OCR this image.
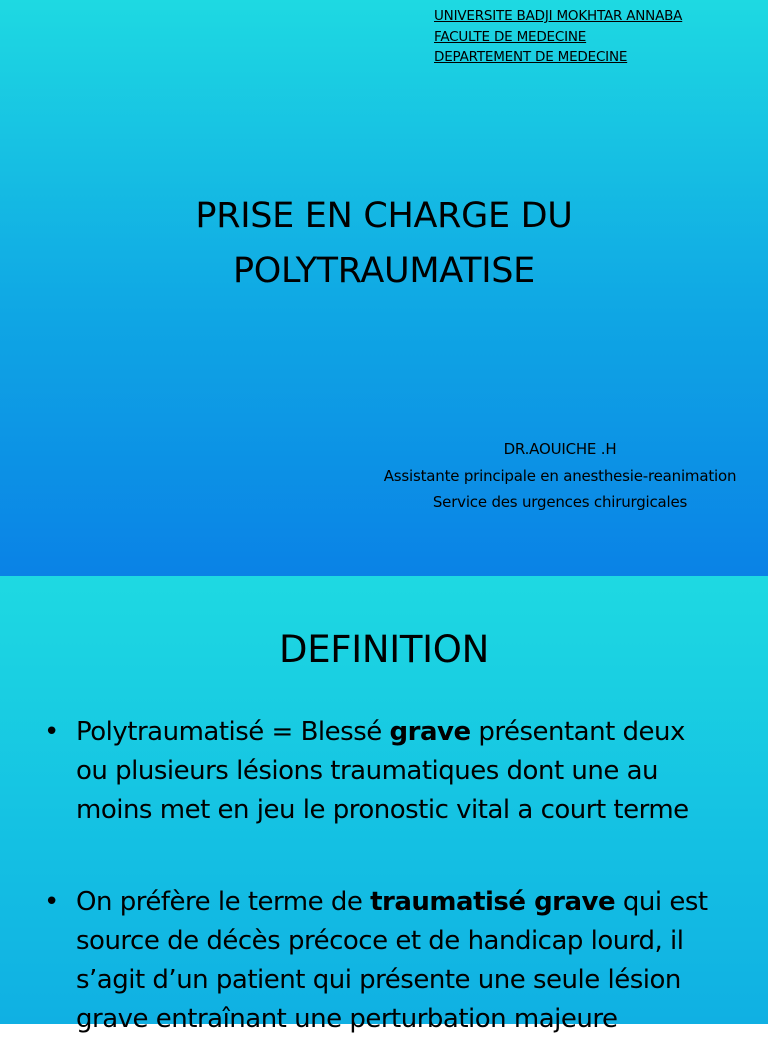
UNIVERSITE BADJI MOKHTAR ANNABA
FACULTE DE MEDECINE
DEPARTEMENT DE MEDECINE
PRISE EN CHARGE DU
POLYTRAUMATISE
DR.AOUICHE .H
Assistante principale en anesthesie-reanimation
Service des urgences chirurgicales
DEFINITION
• Polytraumatisé = Blessé grave présentant deux
ou plusieurs lésions traumatiques dont une au
moins met en jeu le pronostic vital a court terme
• On préfère le terme de traumatisé grave qui est
source de décès précoce et de handicap lourd, il
s’agit d’un patient qui présente une seule lésion
grave entraînant une perturbation majeure
